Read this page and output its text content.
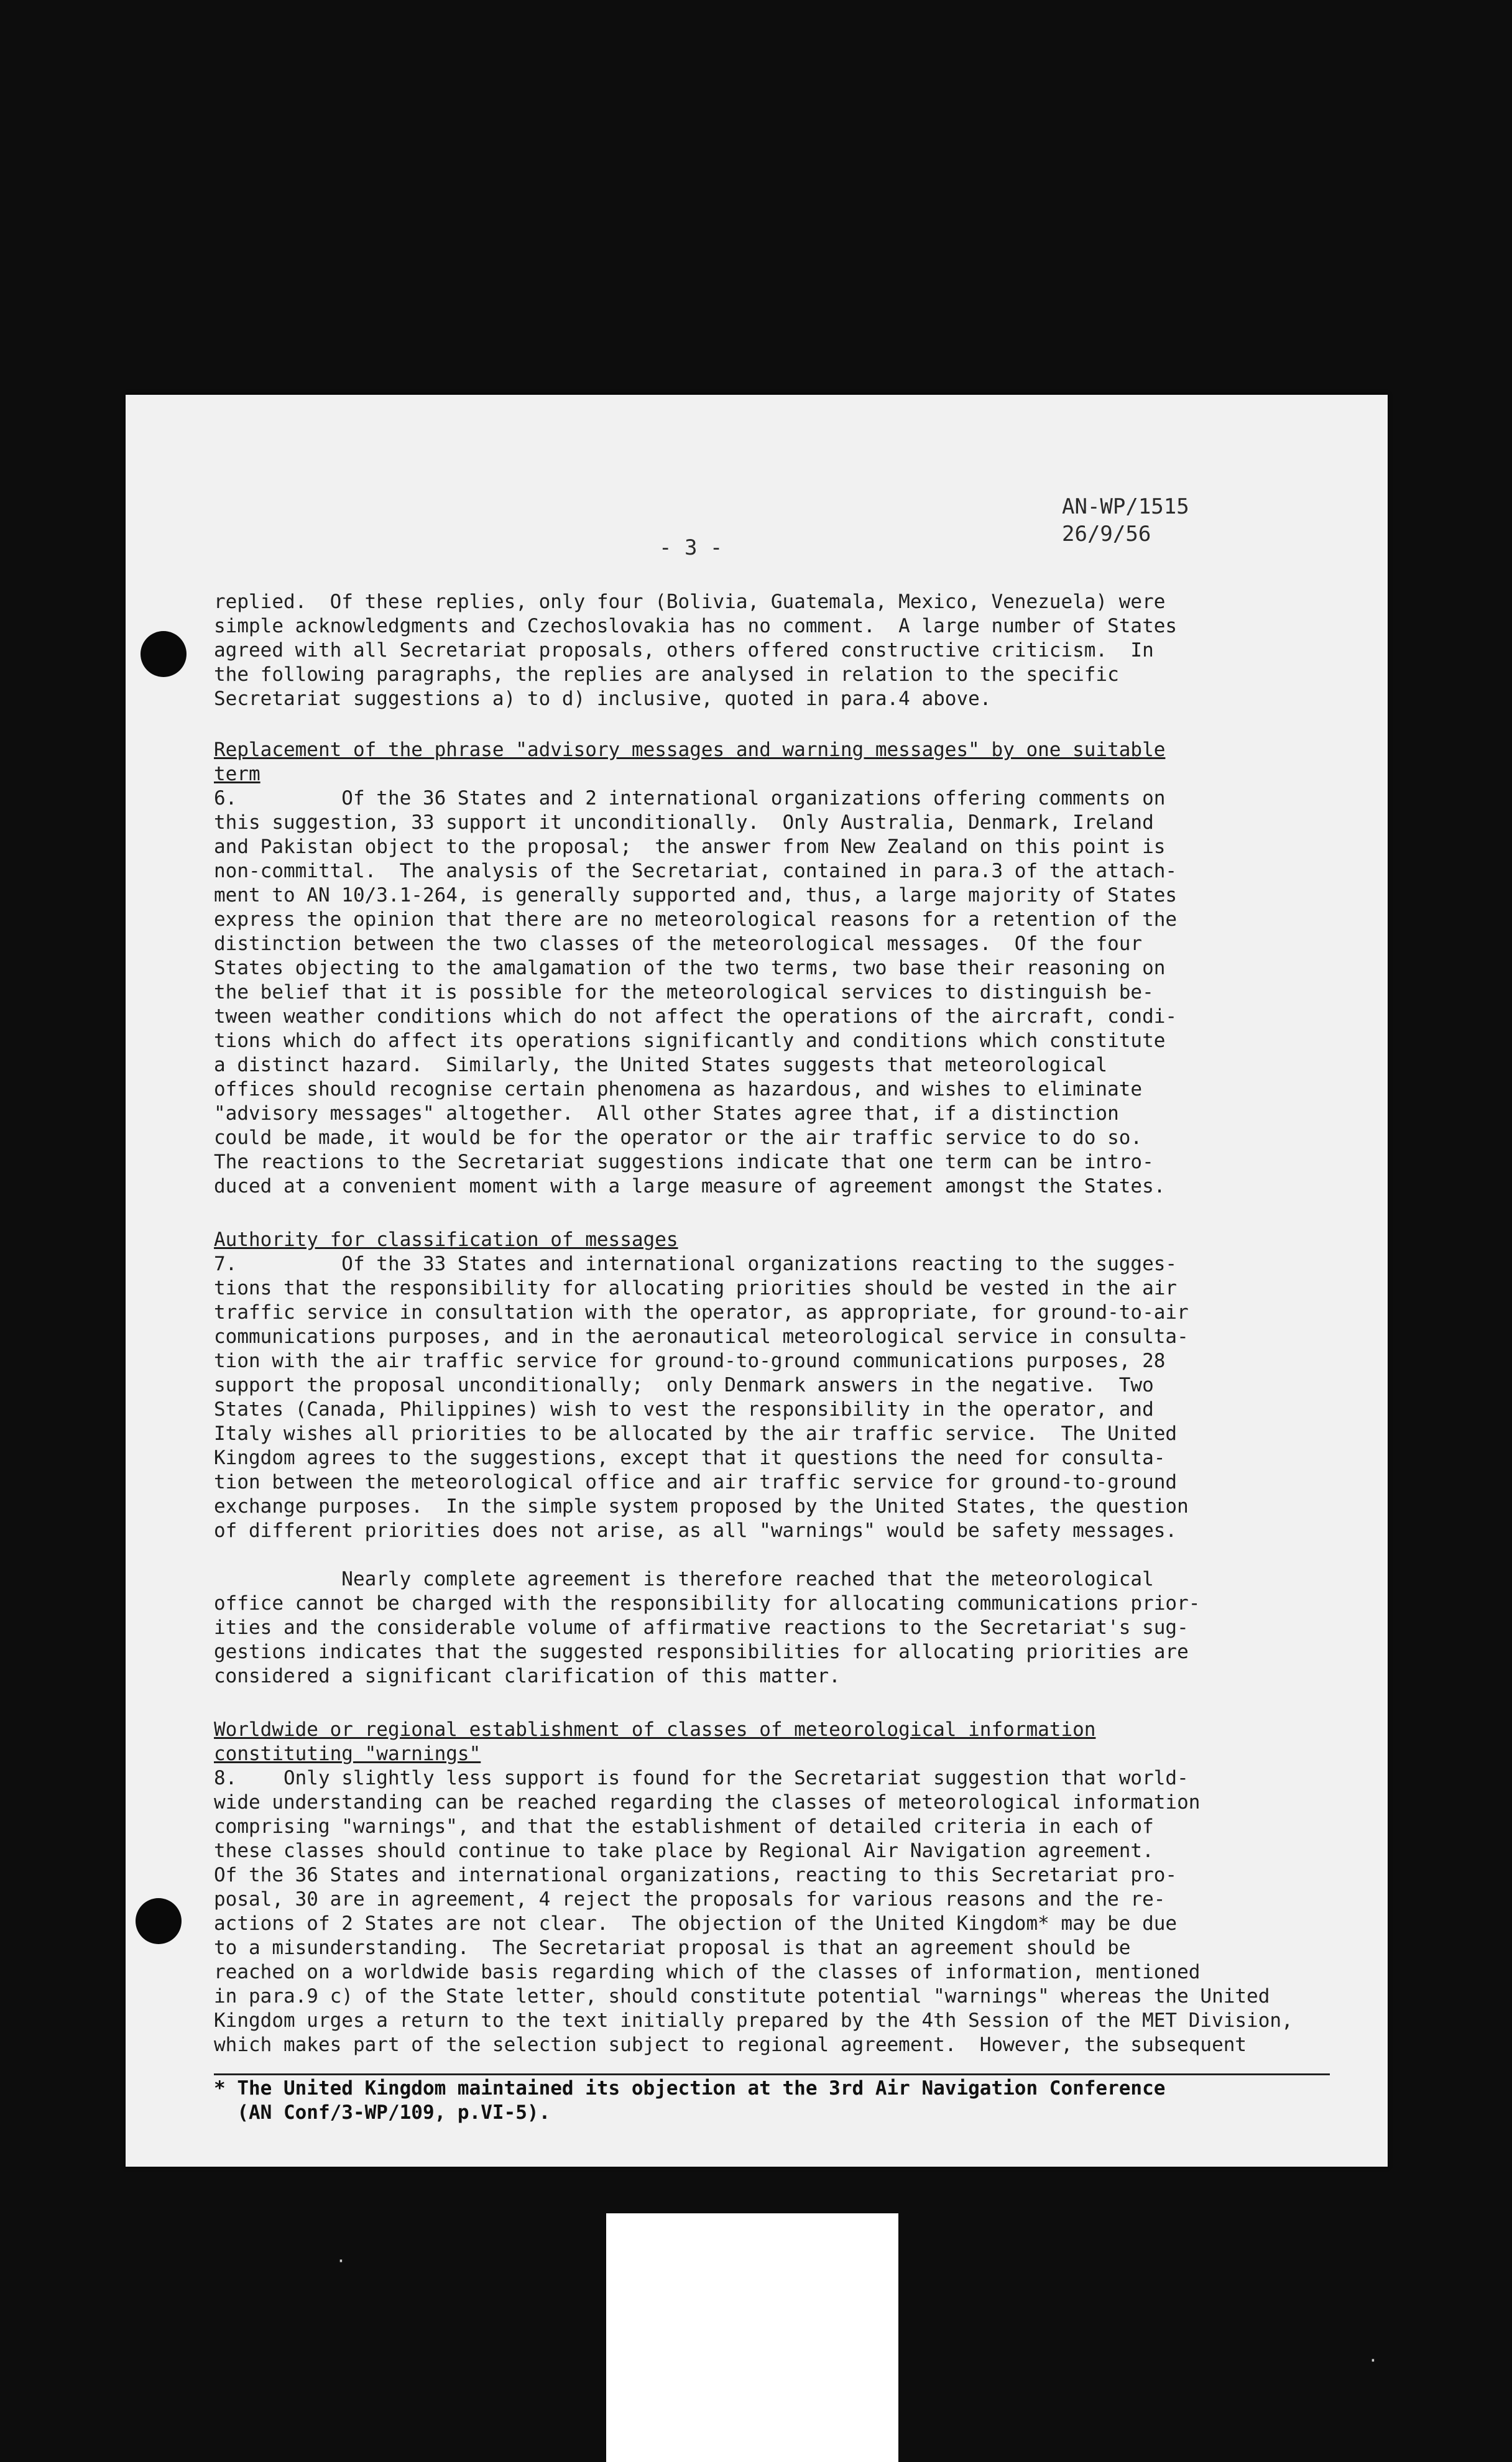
AN-WP/1515
26/9/56
- 3 -
replied.  Of these replies, only four (Bolivia, Guatemala, Mexico, Venezuela) were
simple acknowledgments and Czechoslovakia has no comment.  A large number of States
agreed with all Secretariat proposals, others offered constructive criticism.  In
the following paragraphs, the replies are analysed in relation to the specific
Secretariat suggestions a) to d) inclusive, quoted in para.4 above.
Replacement of the phrase "advisory messages and warning messages" by one suitable
term
6.         Of the 36 States and 2 international organizations offering comments on
this suggestion, 33 support it unconditionally.  Only Australia, Denmark, Ireland
and Pakistan object to the proposal;  the answer from New Zealand on this point is
non-committal.  The analysis of the Secretariat, contained in para.3 of the attach-
ment to AN 10/3.1-264, is generally supported and, thus, a large majority of States
express the opinion that there are no meteorological reasons for a retention of the
distinction between the two classes of the meteorological messages.  Of the four
States objecting to the amalgamation of the two terms, two base their reasoning on
the belief that it is possible for the meteorological services to distinguish be-
tween weather conditions which do not affect the operations of the aircraft, condi-
tions which do affect its operations significantly and conditions which constitute
a distinct hazard.  Similarly, the United States suggests that meteorological
offices should recognise certain phenomena as hazardous, and wishes to eliminate
"advisory messages" altogether.  All other States agree that, if a distinction
could be made, it would be for the operator or the air traffic service to do so.
The reactions to the Secretariat suggestions indicate that one term can be intro-
duced at a convenient moment with a large measure of agreement amongst the States.
Authority for classification of messages
7.         Of the 33 States and international organizations reacting to the sugges-
tions that the responsibility for allocating priorities should be vested in the air
traffic service in consultation with the operator, as appropriate, for ground-to-air
communications purposes, and in the aeronautical meteorological service in consulta-
tion with the air traffic service for ground-to-ground communications purposes, 28
support the proposal unconditionally;  only Denmark answers in the negative.  Two
States (Canada, Philippines) wish to vest the responsibility in the operator, and
Italy wishes all priorities to be allocated by the air traffic service.  The United
Kingdom agrees to the suggestions, except that it questions the need for consulta-
tion between the meteorological office and air traffic service for ground-to-ground
exchange purposes.  In the simple system proposed by the United States, the question
of different priorities does not arise, as all "warnings" would be safety messages.

Nearly complete agreement is therefore reached that the meteorological
office cannot be charged with the responsibility for allocating communications prior-
ities and the considerable volume of affirmative reactions to the Secretariat's sug-
gestions indicates that the suggested responsibilities for allocating priorities are
considered a significant clarification of this matter.
Worldwide or regional establishment of classes of meteorological information
constituting "warnings"
8.    Only slightly less support is found for the Secretariat suggestion that world-
wide understanding can be reached regarding the classes of meteorological information
comprising "warnings", and that the establishment of detailed criteria in each of
these classes should continue to take place by Regional Air Navigation agreement.
Of the 36 States and international organizations, reacting to this Secretariat pro-
posal, 30 are in agreement, 4 reject the proposals for various reasons and the re-
actions of 2 States are not clear.  The objection of the United Kingdom* may be due
to a misunderstanding.  The Secretariat proposal is that an agreement should be
reached on a worldwide basis regarding which of the classes of information, mentioned
in para.9 c) of the State letter, should constitute potential "warnings" whereas the United
Kingdom urges a return to the text initially prepared by the 4th Session of the MET Division,
which makes part of the selection subject to regional agreement.  However, the subsequent
* The United Kingdom maintained its objection at the 3rd Air Navigation Conference
(AN Conf/3-WP/109, p.VI-5).
·
·
